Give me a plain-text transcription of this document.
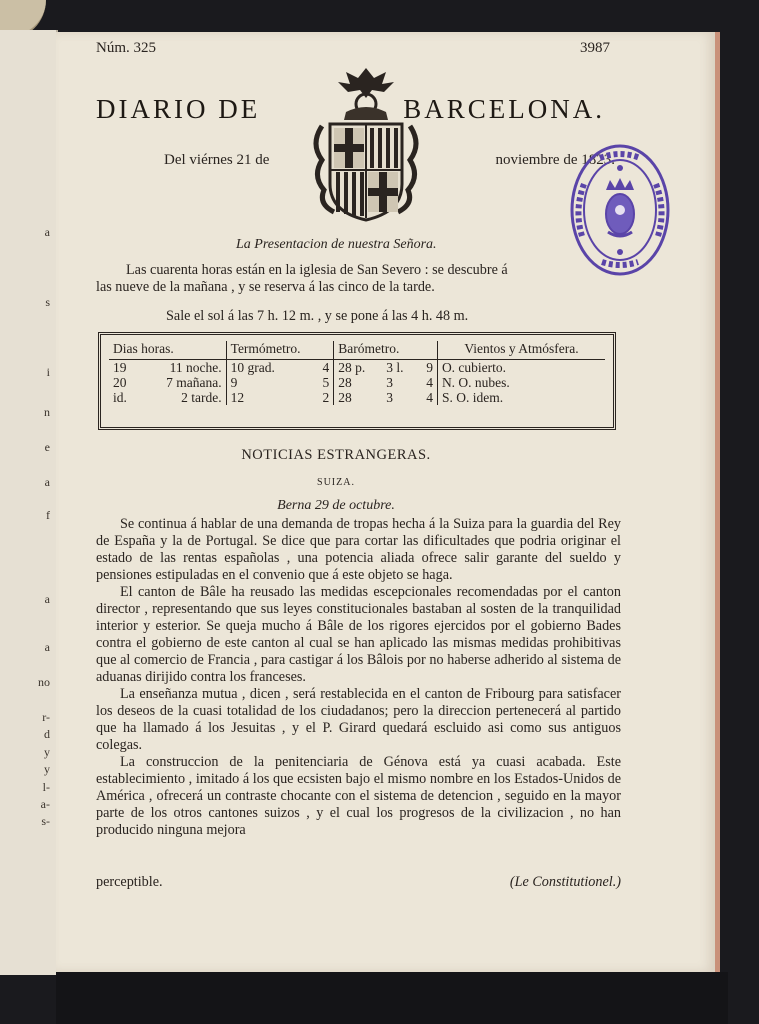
a
s
i
n
e
a
f
a
a
no
r-
d
y
y
l-
a-
s-
Núm. 325	3987
DIARIO DE	BARCELONA.
Del viérnes 21 de	noviembre de 1823.
La Presentacion de nuestra Señora.
Las cuarenta horas están en la iglesia de San Severo : se descubre á
las nueve de la mañana , y se reserva á las cinco de la tarde.
Sale el sol á las 7 h. 12 m. , y se pone á las 4 h. 48 m.
Dias horas.		Termómetro.		Barómetro.			Vientos y Atmósfera.
19	11 noche.	10 grad.	4	28 p.	3 l.	9	O. cubierto.
20	7 mañana.	9	5	28	3	4	N. O. nubes.
id.	2 tarde.	12	2	28	3	4	S. O. idem.
NOTICIAS ESTRANGERAS.
SUIZA.
Berna 29 de octubre.

Se continua á hablar de una demanda de tropas hecha á la Suiza para la guardia del Rey de España y la de Portugal. Se dice que para cortar las dificultades que podria originar el estado de las rentas españolas , una potencia aliada ofrece salir garante del sueldo y pensiones estipuladas en el convenio que á este objeto se haga.

El canton de Bâle ha reusado las medidas escepcionales recomendadas por el canton director , representando que sus leyes constitucionales bastaban al sosten de la tranquilidad interior y esterior. Se queja mucho á Bâle de los rigores ejercidos por el gobierno Bades contra el gobierno de este canton al cual se han aplicado las mismas medidas prohibitivas que al comercio de Francia , para castigar á los Bâlois por no haberse adherido al sistema de aduanas dirijido contra los franceses.

La enseñanza mutua , dicen , será restablecida en el canton de Fribourg para satisfacer los deseos de la cuasi totalidad de los ciudadanos; pero la direccion pertenecerá al partido que ha llamado á los Jesuitas , y el P. Girard quedará escluido asi como sus antiguos colegas.

La construccion de la penitenciaria de Génova está ya cuasi acabada. Este establecimiento , imitado á los que ecsisten bajo el mismo nombre en los Estados-Unidos de América , ofrecerá un contraste chocante con el sistema de detencion , seguido en la mayor parte de los otros cantones suizos , y el cual los progresos de la civilizacion , no han producido ninguna mejora

perceptible.	(Le Constitutionel.)
